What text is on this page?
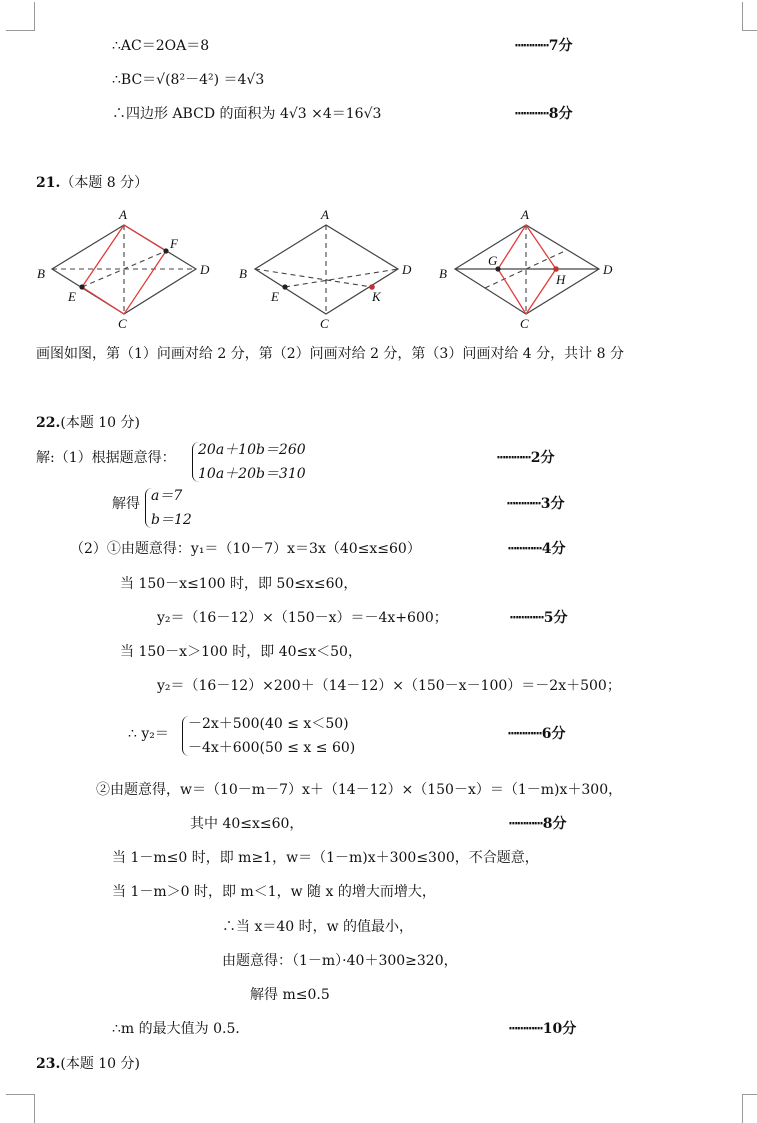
∴AC＝2OA＝8	┅┅┅┅7分
∴BC＝√(8²－4²) ＝4√3
∴四边形 ABCD 的面积为 4√3 ×4＝16√3	┅┅┅┅8分
21.（本题 8 分）
A
B
C
D
E
F
A
B
C
D
E	K
A
B
C
D
G
H
画图如图，第（1）问画对给 2 分，第（2）问画对给 2 分，第（3）问画对给 4 分，共计 8 分
22.(本题 10 分)
解:（1）根据题意得： 20a＋10b＝260
10a＋20b＝310
┅┅┅┅2分
解得 a＝7
b＝12
┅┅┅┅3分
（2）①由题意得：y₁＝（10－7）x＝3x（40≤x≤60）	┅┅┅┅4分
当 150－x≤100 时，即 50≤x≤60，
y₂＝（16－12）×（150－x）＝－4x+600；	┅┅┅┅5分
当 150－x＞100 时，即 40≤x＜50，
y₂＝（16－12）×200＋（14－12）×（150－x－100）＝－2x＋500；
∴ y₂＝
－2x＋500(40 ≤ x＜50)
－4x＋600(50 ≤ x ≤ 60)
┅┅┅┅6分
②由题意得，w＝（10－m－7）x＋（14－12）×（150－x）＝（1－m)x＋300，
其中 40≤x≤60，	┅┅┅┅8分
当 1－m≤0 时，即 m≥1，w＝（1－m)x＋300≤300，不合题意，
当 1－m＞0 时，即 m＜1，w 随 x 的增大而增大，
∴当 x＝40 时，w 的值最小，
由题意得：（1－m）·40＋300≥320，
解得 m≤0.5
∴m 的最大值为 0.5．	┅┅┅┅10分
23.(本题 10 分)
